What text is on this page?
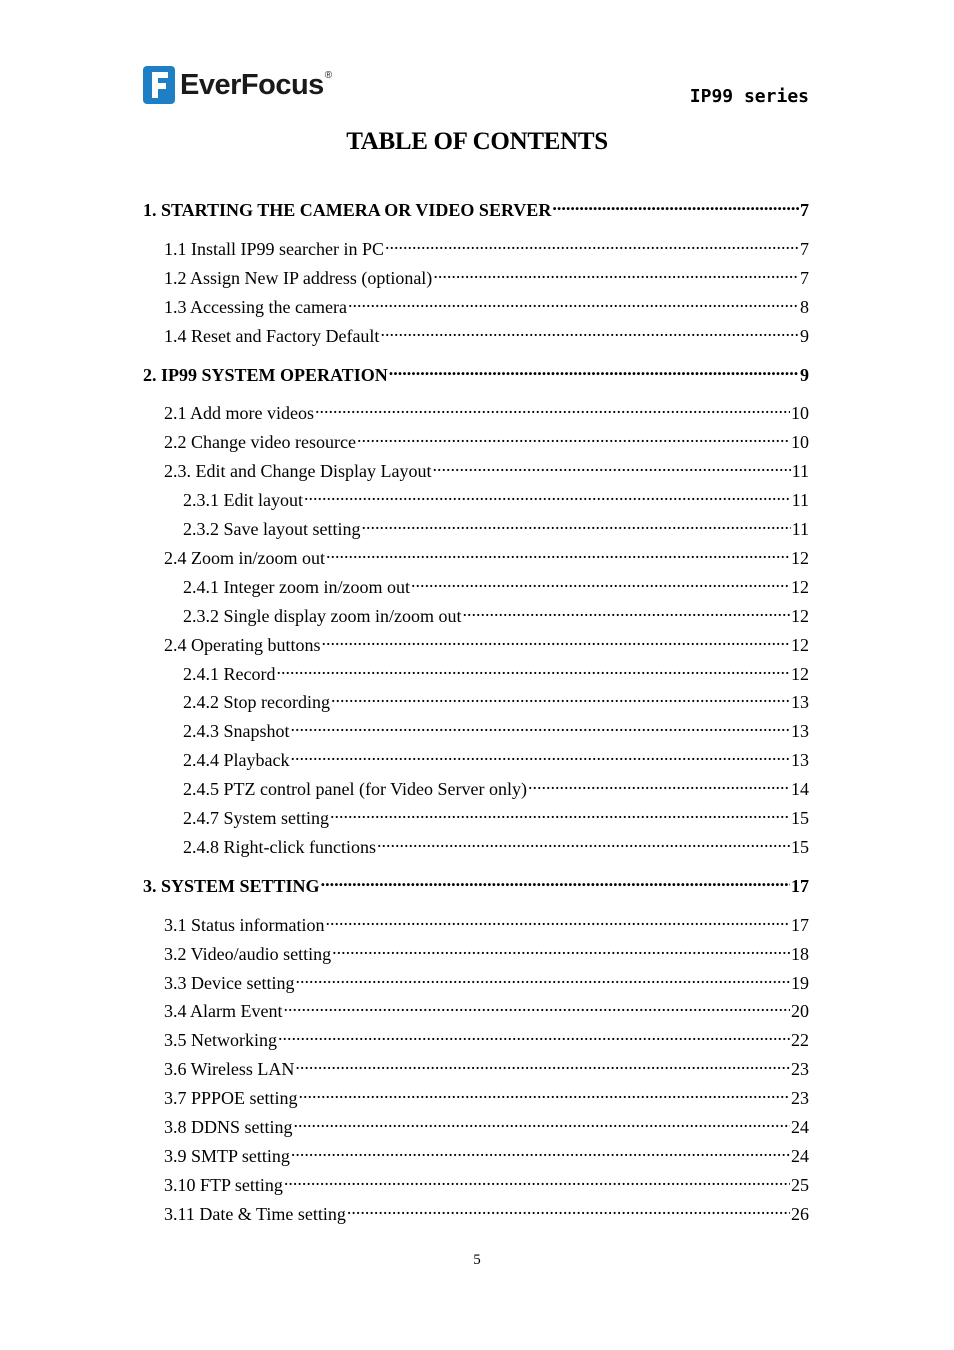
EverFocus ®
IP99 series
TABLE OF CONTENTS
1. STARTING THE CAMERA OR VIDEO SERVER .....	7
1.1 Install IP99 searcher in PC .....	7
1.2 Assign New IP address (optional) .....	7
1.3 Accessing the camera .....	8
1.4 Reset and Factory Default .....	9
2. IP99 SYSTEM OPERATION .....	9
2.1 Add more videos .....	10
2.2 Change video resource .....	10
2.3. Edit and Change Display Layout .....	11
2.3.1 Edit layout .....	11
2.3.2 Save layout setting .....	11
2.4 Zoom in/zoom out .....	12
2.4.1 Integer zoom in/zoom out .....	12
2.3.2 Single display zoom in/zoom out .....	12
2.4 Operating buttons .....	12
2.4.1 Record .....	12
2.4.2 Stop recording .....	13
2.4.3 Snapshot .....	13
2.4.4 Playback .....	13
2.4.5 PTZ control panel (for Video Server only) .....	14
2.4.7 System setting .....	15
2.4.8 Right-click functions .....	15
3. SYSTEM SETTING .....	17
3.1 Status information .....	17
3.2 Video/audio setting .....	18
3.3 Device setting .....	19
3.4 Alarm Event .....	20
3.5 Networking .....	22
3.6 Wireless LAN .....	23
3.7 PPPOE setting .....	23
3.8 DDNS setting .....	24
3.9 SMTP setting .....	24
3.10 FTP setting .....	25
3.11 Date & Time setting .....	26
5
